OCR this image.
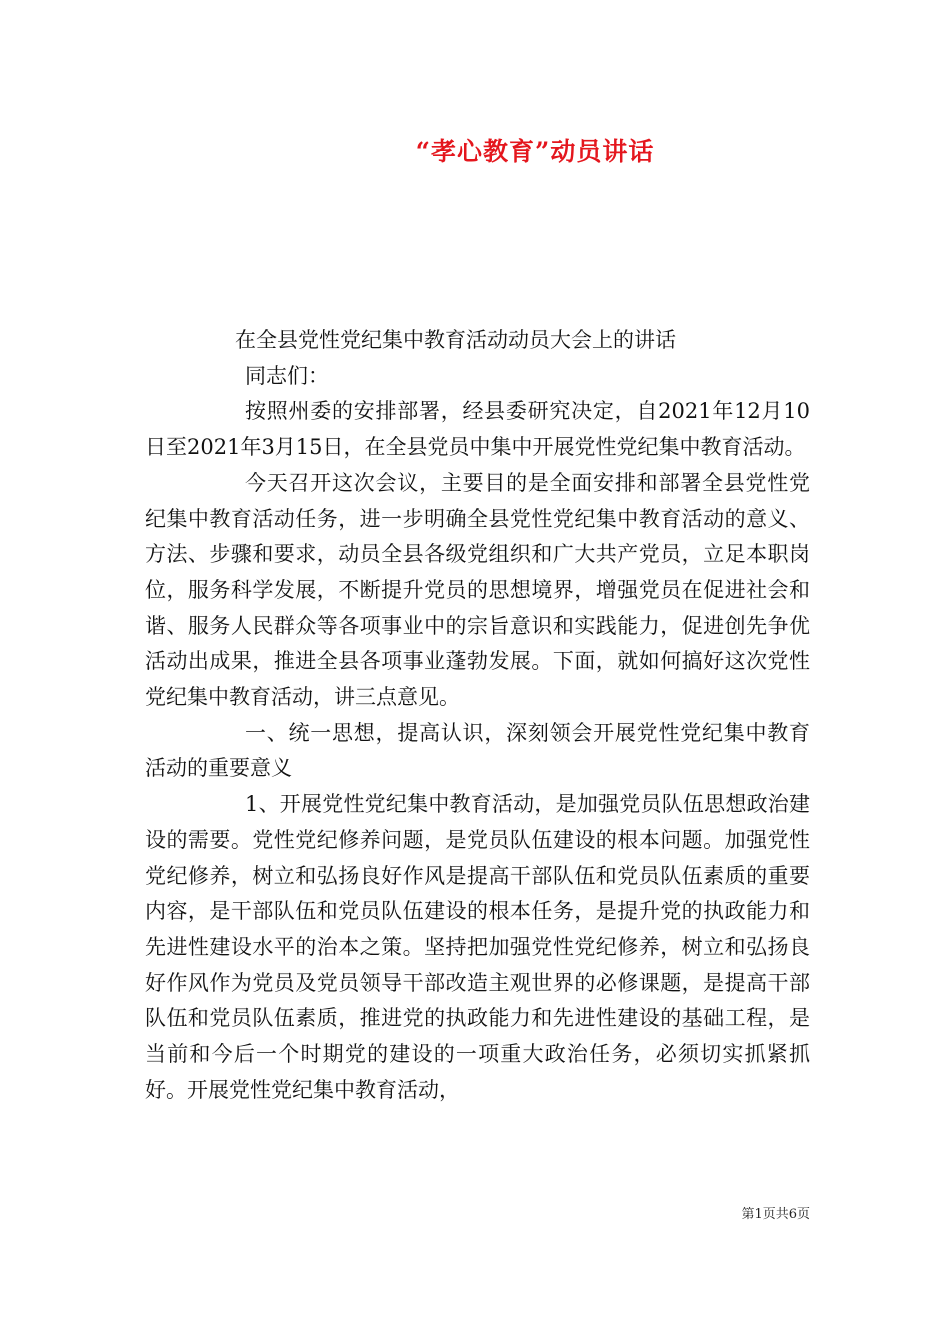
“孝心教育”动员讲话

在全县党性党纪集中教育活动动员大会上的讲话

同志们：

按照州委的安排部署，经县委研究决定，自2021年12月10日至2021年3月15日，在全县党员中集中开展党性党纪集中教育活动。

今天召开这次会议，主要目的是全面安排和部署全县党性党纪集中教育活动任务，进一步明确全县党性党纪集中教育活动的意义、方法、步骤和要求，动员全县各级党组织和广大共产党员，立足本职岗位，服务科学发展，不断提升党员的思想境界，增强党员在促进社会和谐、服务人民群众等各项事业中的宗旨意识和实践能力，促进创先争优活动出成果，推进全县各项事业蓬勃发展。下面，就如何搞好这次党性党纪集中教育活动，讲三点意见。

一、统一思想，提高认识，深刻领会开展党性党纪集中教育活动的重要意义

1、开展党性党纪集中教育活动，是加强党员队伍思想政治建设的需要。党性党纪修养问题，是党员队伍建设的根本问题。加强党性党纪修养，树立和弘扬良好作风是提高干部队伍和党员队伍素质的重要内容，是干部队伍和党员队伍建设的根本任务，是提升党的执政能力和先进性建设水平的治本之策。坚持把加强党性党纪修养，树立和弘扬良好作风作为党员及党员领导干部改造主观世界的必修课题，是提高干部队伍和党员队伍素质，推进党的执政能力和先进性建设的基础工程，是当前和今后一个时期党的建设的一项重大政治任务，必须切实抓紧抓好。开展党性党纪集中教育活动，

第1页共6页
